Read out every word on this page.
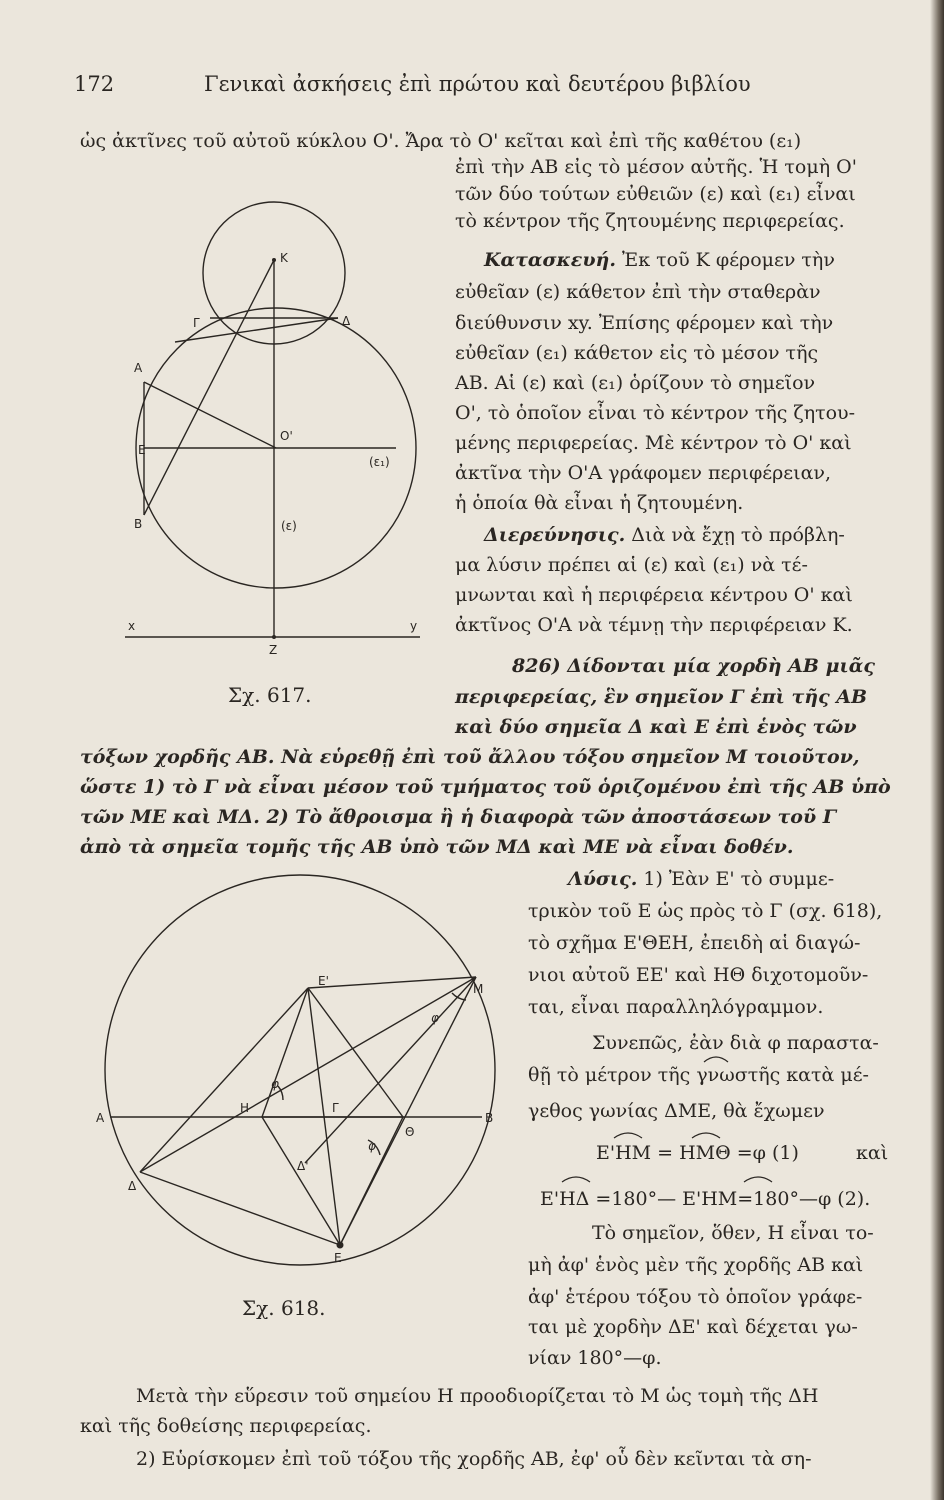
172	Γενικαὶ ἀσκήσεις ἐπὶ πρώτου καὶ δευτέρου βιβλίου
K
Γ	Δ
A
E
O'
B
(ε₁)
(ε)
x	y
Z
Σχ. 617.
E'
M
A	B
H	Γ
Θ
Δ'
Δ
E
φ
φ
φ
Σχ. 618.
ὡς ἀκτῖνες τοῦ αὐτοῦ κύκλου O'. Ἄρα τὸ O' κεῖται καὶ ἐπὶ τῆς καθέτου (ε₁)
ἐπὶ τὴν AB εἰς τὸ μέσον αὐτῆς. Ἡ τομὴ O'
τῶν δύο τούτων εὐθειῶν (ε) καὶ (ε₁) εἶναι
τὸ κέντρον τῆς ζητουμένης περιφερείας.
Κατασκευή. Ἐκ τοῦ K φέρομεν τὴν
εὐθεῖαν (ε) κάθετον ἐπὶ τὴν σταθερὰν
διεύθυνσιν xy. Ἐπίσης φέρομεν καὶ τὴν
εὐθεῖαν (ε₁) κάθετον εἰς τὸ μέσον τῆς
AB. Αἱ (ε) καὶ (ε₁) ὁρίζουν τὸ σημεῖον
O', τὸ ὁποῖον εἶναι τὸ κέντρον τῆς ζητου-
μένης περιφερείας. Μὲ κέντρον τὸ O' καὶ
ἀκτῖνα τὴν O'A γράφομεν περιφέρειαν,
ἡ ὁποία θὰ εἶναι ἡ ζητουμένη.
Διερεύνησις. Διὰ νὰ ἔχῃ τὸ πρόβλη-
μα λύσιν πρέπει αἱ (ε) καὶ (ε₁) νὰ τέ-
μνωνται καὶ ἡ περιφέρεια κέντρου O' καὶ
ἀκτῖνος O'A νὰ τέμνῃ τὴν περιφέρειαν K.
826) Δίδονται μία χορδὴ AB μιᾶς
περιφερείας, ἓν σημεῖον Γ ἐπὶ τῆς AB
καὶ δύο σημεῖα Δ καὶ E ἐπὶ ἑνὸς τῶν
τόξων χορδῆς AB. Νὰ εὑρεθῇ ἐπὶ τοῦ ἄλλου τόξου σημεῖον M τοιοῦτον,
ὥστε 1) τὸ Γ νὰ εἶναι μέσον τοῦ τμήματος τοῦ ὁριζομένου ἐπὶ τῆς AB ὑπὸ
τῶν ME καὶ MΔ. 2) Τὸ ἄθροισμα ἢ ἡ διαφορὰ τῶν ἀποστάσεων τοῦ Γ
ἀπὸ τὰ σημεῖα τομῆς τῆς AB ὑπὸ τῶν MΔ καὶ ME νὰ εἶναι δοθέν.
Λύσις. 1) Ἐὰν E' τὸ συμμε-
τρικὸν τοῦ E ὡς πρὸς τὸ Γ (σχ. 618),
τὸ σχῆμα E'ΘEH, ἐπειδὴ αἱ διαγώ-
νιοι αὐτοῦ EE' καὶ HΘ διχοτομοῦν-
ται, εἶναι παραλληλόγραμμον.
Συνεπῶς, ἐὰν διὰ φ παραστα-
θῇ τὸ μέτρον τῆς γνωστῆς κατὰ μέ-
γεθος γωνίας ΔME, θὰ ἔχωμεν
E'HM = HMΘ =φ (1)	καὶ
E'HΔ =180°— E'HM=180°—φ (2).
Τὸ σημεῖον, ὅθεν, H εἶναι το-
μὴ ἀφ' ἑνὸς μὲν τῆς χορδῆς AB καὶ
ἀφ' ἑτέρου τόξου τὸ ὁποῖον γράφε-
ται μὲ χορδὴν ΔE' καὶ δέχεται γω-
νίαν 180°—φ.
Μετὰ τὴν εὕρεσιν τοῦ σημείου H προοδιορίζεται τὸ M ὡς τομὴ τῆς ΔH
καὶ τῆς δοθείσης περιφερείας.
2) Εὑρίσκομεν ἐπὶ τοῦ τόξου τῆς χορδῆς AB, ἐφ' οὗ δὲν κεῖνται τὰ ση-
